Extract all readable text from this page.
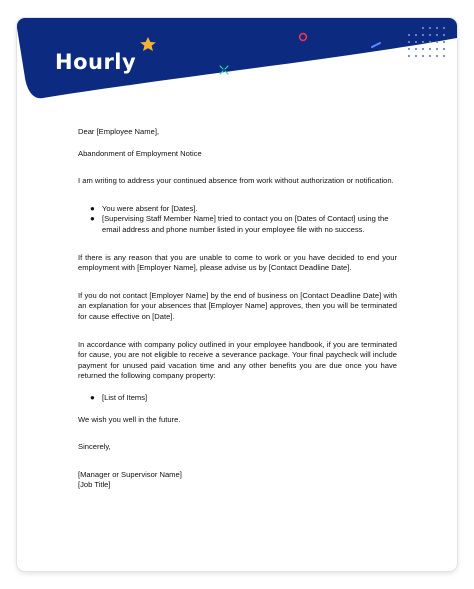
Hourly

Dear [Employee Name],

Abandonment of Employment Notice

I am writing to address your continued absence from work without authorization or notification.

● You were absent for [Dates].
● [Supervising Staff Member Name] tried to contact you on [Dates of Contact] using the email address and phone number listed in your employee file with no success.

If there is any reason that you are unable to come to work or you have decided to end your employment with [Employer Name], please advise us by [Contact Deadline Date].

If you do not contact [Employer Name] by the end of business on [Contact Deadline Date] with an explanation for your absences that [Employer Name] approves, then you will be terminated for cause effective on [Date].

In accordance with company policy outlined in your employee handbook, if you are terminated for cause, you are not eligible to receive a severance package. Your final paycheck will include payment for unused paid vacation time and any other benefits you are due once you have returned the following company property:

● [List of Items]

We wish you well in the future.

Sincerely,

[Manager or Supervisor Name]

[Job Title]
